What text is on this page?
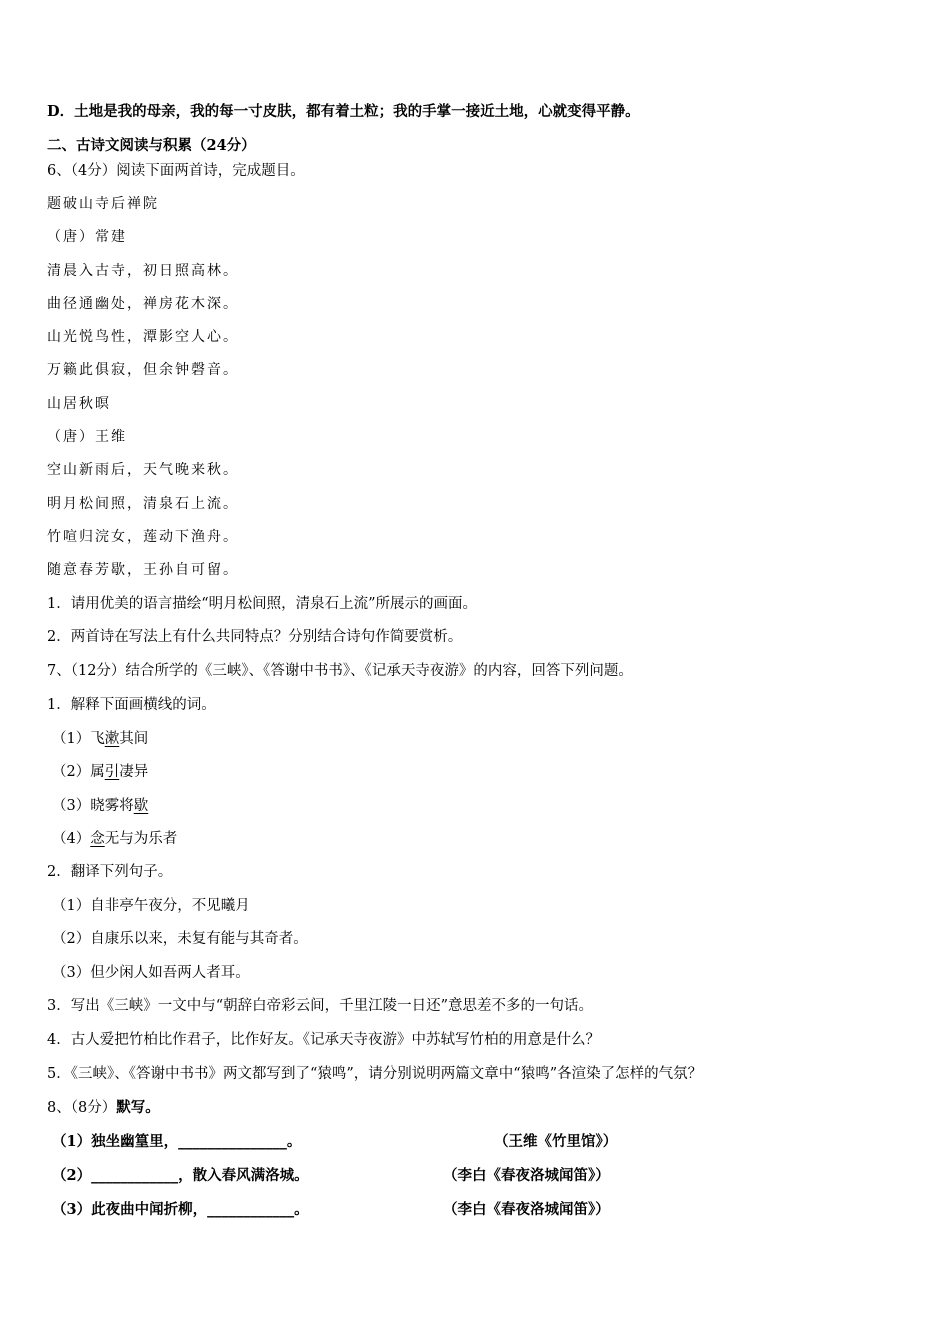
D．土地是我的母亲，我的每一寸皮肤，都有着土粒；我的手掌一接近土地，心就变得平静。
二、古诗文阅读与积累（24分）
6、（4分）阅读下面两首诗，完成题目。
题破山寺后禅院
（唐）常建
清晨入古寺，初日照高林。
曲径通幽处，禅房花木深。
山光悦鸟性，潭影空人心。
万籁此俱寂，但余钟磬音。
山居秋暝
（唐）王维
空山新雨后，天气晚来秋。
明月松间照，清泉石上流。
竹喧归浣女，莲动下渔舟。
随意春芳歇，王孙自可留。
1．请用优美的语言描绘“明月松间照，清泉石上流”所展示的画面。
2．两首诗在写法上有什么共同特点？分别结合诗句作简要赏析。
7、（12分）结合所学的《三峡》、《答谢中书书》、《记承天寺夜游》的内容，回答下列问题。
1．解释下面画横线的词。
（1）飞漱其间
（2）属引凄异
（3）晓雾将歇
（4）念无与为乐者
2．翻译下列句子。
（1）自非亭午夜分，不见曦月
（2）自康乐以来，未复有能与其奇者。
（3）但少闲人如吾两人者耳。
3．写出《三峡》一文中与“朝辞白帝彩云间，千里江陵一日还”意思差不多的一句话。
4．古人爱把竹柏比作君子，比作好友。《记承天寺夜游》中苏轼写竹柏的用意是什么？
5．《三峡》、《答谢中书书》两文都写到了“猿鸣”，请分别说明两篇文章中“猿鸣”各渲染了怎样的气氛？
8、（8分）默写。
（1）独坐幽篁里，_______________。	（王维《竹里馆》）
（2）____________，散入春风满洛城。	（李白《春夜洛城闻笛》）
（3）此夜曲中闻折柳，____________。	（李白《春夜洛城闻笛》）
